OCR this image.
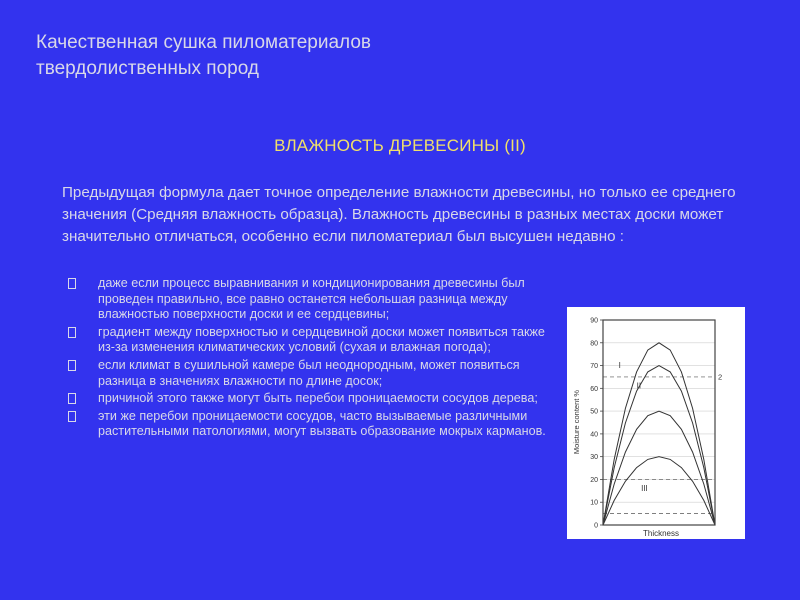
Качественная сушка пиломатериалов
твердолиственных пород
ВЛАЖНОСТЬ ДРЕВЕСИНЫ (II)
Предыдущая формула дает точное определение влажности древесины, но только ее среднего значения (Средняя влажность образца). Влажность древесины в разных местах доски может значительно отличаться, особенно если пиломатериал был высушен недавно :
даже если процесс выравнивания и кондиционирования древесины был проведен правильно, все равно останется небольшая разница между влажностью поверхности доски и ее сердцевины;
градиент между поверхностью и сердцевиной доски может появиться также из-за изменения климатических условий (сухая и влажная погода);
если климат в сушильной камере был неоднородным, может появиться разница в значениях влажности по длине досок;
причиной этого также могут быть перебои проницаемости сосудов дерева;
эти же перебои проницаемости сосудов, часто вызываемые различными растительными патологиями, могут вызвать образование мокрых карманов.
0
10
20
30
40
50
60
70
80
90
2
I
II
III
Thickness
Moisture content %
